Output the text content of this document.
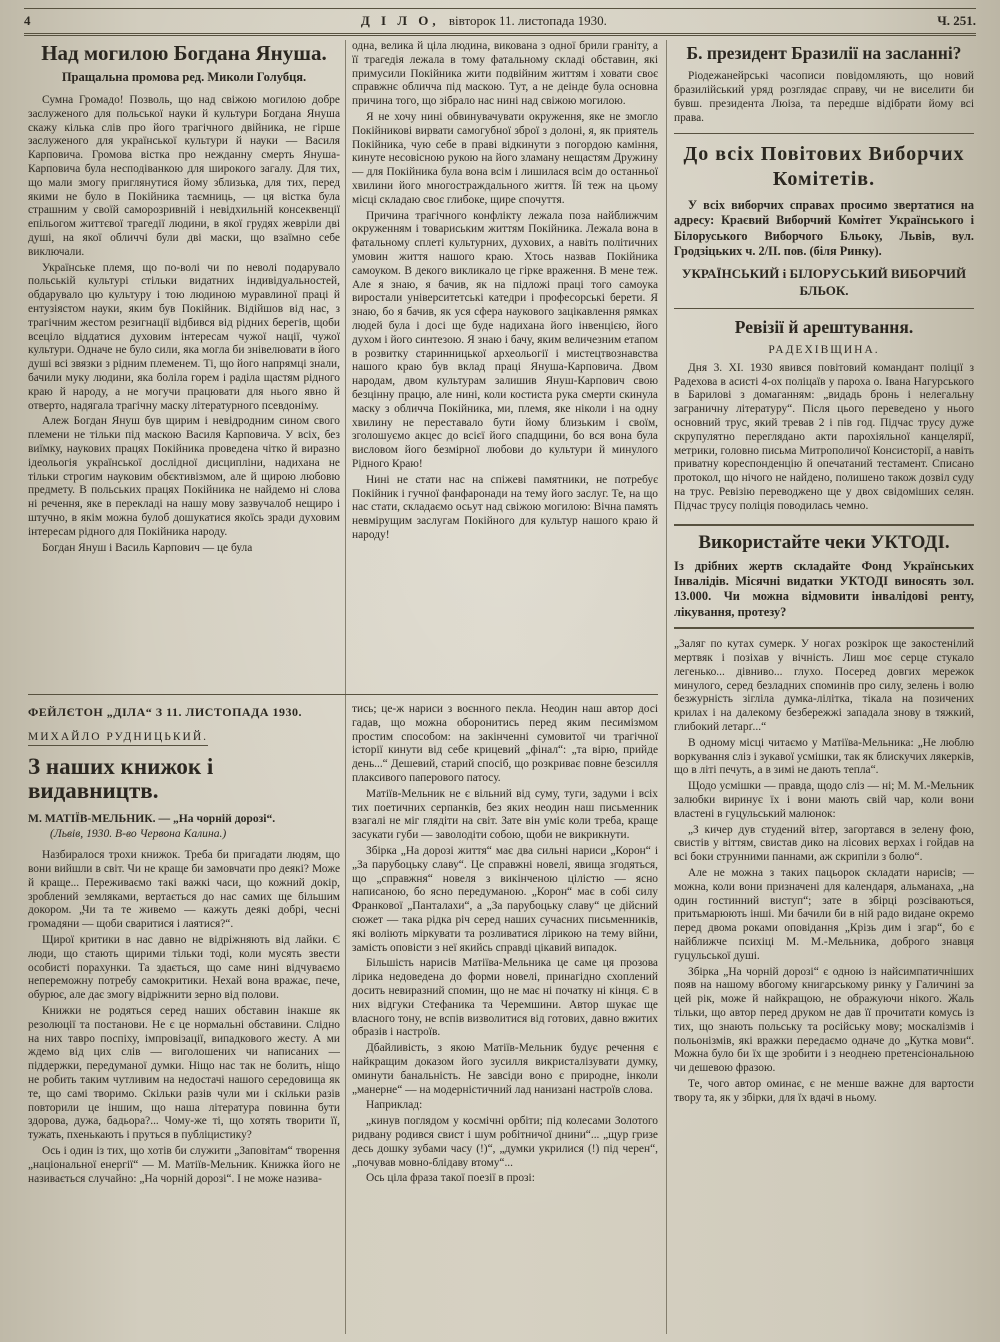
4	Д І Л О, вівторок 11. листопада 1930.	Ч. 251.
Над могилою Богдана Януша.
Пращальна промова ред. Миколи Голубця.

Сумна Громадо! Позволь, що над свіжою могилою добре заслуженого для польської науки й культури Богдана Януша скажу кілька слів про його трагічного двійника, не гірше заслуженого для української культури й науки — Василя Карповича. Громова вістка про нежданну смерть Януша-Карповича була несподіванкою для широкого загалу. Для тих, що мали змогу приглянутися йому зблизька, для тих, перед якими не було в Покійника таємниць, — ця вістка була страшним у своїй саморозривній і невідхильній консеквенції епільогом життєвої трагедії людини, в якої грудях жевріли дві душі, на якої обличчі були дві маски, що взаїмно себе виключали.

Українське племя, що по-волі чи по неволі подарувало польській культурі стільки видатних індивідуальностей, обдарувало цю культуру і тою людиною муравлиної праці й ентузіястом науки, яким був Покійник. Відійшов від нас, з трагічним жестом резигнації відбився від рідних берегів, щоби всеціло віддатися духовим інтересам чужої нації, чужої культури. Одначе не було сили, яка могла би знівелювати в його душі всі звязки з рідним племенем. Ті, що його напрямці знали, бачили муку людини, яка боліла горем і раділа щастям рідного краю й народу, а не могучи працювати для нього явно й отверто, надягала трагічну маску літературного псевдоніму.

Алеж Богдан Януш був щирим і невідродним сином свого племени не тільки під маскою Василя Карповича. У всіх, без виїмку, наукових працях Покійника проведена чітко й виразно ідеольогія української дослідної дисципліни, надихана не тільки строгим науковим обєктивізмом, але й щирою любовю предмету. В польських працях Покійника не найдемо ні слова ні речення, яке в перекладі на нашу мову зазвучалоб нещиро і штучно, в якім можна булоб дошукатися якоїсь зради духовим інтересам рідного для Покійника народу.

Богдан Януш і Василь Карпович — це була

одна, велика й ціла людина, викована з одної брили граніту, а її трагедія лежала в тому фатальному складі обставин, які примусили Покійника жити подвійним життям і ховати своє справжнє обличча під маскою. Тут, а не деінде була основна причина того, що зібрало нас нині над свіжою могилою.

Я не хочу нині обвинувачувати окруження, яке не змогло Покійникові вирвати самогубної зброї з долоні, я, як приятель Покійника, чую себе в праві відкинути з погордою каміння, кинуте несовісною рукою на його зламану нещастям Дружину — для Покійника була вона всім і лишилася всім до останньої хвилини його многостраждального життя. Їй теж на цьому місці складаю своє глибоке, щире спочуття.

Причина трагічного конфлікту лежала поза найближчим окруженням і товариським життям Покійника. Лежала вона в фатальному сплеті культурних, духових, а навіть політичних умовин життя нашого краю. Хтось назвав Покійника самоуком. В декого викликало це гірке враження. В мене теж. Але я знаю, я бачив, як на підложі праці того самоука виростали університетські катедри і професорські берети. Я знаю, бо я бачив, як уся сфера наукового зацікавлення рямках людей була і досі ще буде надихана його інвенцією, його духом і його синтезою. Я знаю і бачу, яким величезним етапом в розвитку старинницької археольогії і мистецтвознавства нашого краю був вклад праці Януша-Карповича. Двом народам, двом культурам залишив Януш-Карпович свою безцінну працю, але нині, коли костиста рука смерти скинула маску з обличча Покійника, ми, племя, яке ніколи і на одну хвилину не переставало бути йому близьким і своїм, зголошуємо акцес до всієї його спадщини, бо вся вона була висловом його безмірної любови до культури й минулого Рідного Краю!

Нині не стати нас на спіжеві памятники, не потребує Покійник і гучної фанфаронади на тему його заслуг. Те, на що нас стати, складаємо осьут над свіжою могилою: Вічна память невмірущим заслугам Покійного для культур нашого краю й народу!

ФЕЙЛЄТОН „ДІЛА“ З 11. ЛИСТОПАДА 1930.
МИХАЙЛО РУДНИЦЬКИЙ.
З наших книжок і видавництв.
М. МАТІЇВ-МЕЛЬНИК. — „На чорній дорозі“.
(Львів, 1930. В-во Червона Калина.)

Назбиралося трохи книжок. Треба би пригадати людям, що вони вийшли в світ. Чи не краще би замовчати про деякі? Може й краще... Переживаємо такі важкі часи, що кожний докір, зроблений земляками, вертається до нас самих ще більшим докором. „Чи та те живемо — кажуть деякі добрі, чесні громадяни — щоби сваритися і лаятися?“.

Щирої критики в нас давно не відріжняють від лайки. Є люди, що стають щирими тільки тоді, коли мусять звести особисті порахунки. Та здається, що саме нині відчуваємо непереможну потребу самокритики. Нехай вона вражає, пече, обурює, але дає змогу відріжнити зерно від полови.

Книжки не родяться серед наших обставин інакше як резолюції та постанови. Не є це нормальні обставини. Слідно на них тавро поспіху, імпровізації, випадкового жесту. А ми ждемо від цих слів — виголошених чи написаних — піддержки, передуманої думки. Ніщо нас так не болить, ніщо не робить таким чутливим на недостачі нашого середовища як те, що самі творимо. Скільки разів чули ми і скільки разів повторили це іншим, що наша література повинна бути здорова, дужа, бадьора?... Чому-же ті, що хотять творити її, тужать, пхенькають і пруться в публіцистику?

Ось і один із тих, що хотів би служити „Заповітам“ творення „національної енергії“ — М. Матіїв-Мельник. Книжка його не називається случайно: „На чорній дорозі“. І не може назива-

тись; це-ж нариси з воєнного пекла. Неодин наш автор досі гадав, що можна оборонитись перед яким песимізмом простим способом: на закінченні сумовитої чи трагічної історії кинути від себе крицевий „фінал“: „та вірю, прийде день...“ Дешевий, старий спосіб, що розкриває повне безсилля плаксивого паперового патосу.

Матіїв-Мельник не є вільний від суму, туги, задуми і всіх тих поетичних серпанків, без яких неодин наш письменник взагалі не міг глядіти на світ. Зате він уміє коли треба, краще засукати губи — заволодіти собою, щоби не викрикнути.

Збірка „На дорозі життя“ має два сильні нариси „Корон“ і „За парубоцьку славу“. Це справжні новелі, явища згодяться, що „справжня“ новеля з викінченою цілістю — ясно написаною, бо ясно передуманою. „Корон“ має в собі силу Франкової „Панталахи“, а „За парубоцьку славу“ це дійсний сюжет — така рідка річ серед наших сучасних письменників, які воліють міркувати та розливатися лірикою на тему війни, замість оповісти з неї якийсь справді цікавий випадок.

Більшість нарисів Матіїва-Мельника це саме ця прозова лірика недоведена до форми новелі, принагідно схоплений досить невиразний спомин, що не має ні початку ні кінця. Є в них відгуки Стефаника та Черемшини. Автор шукає ще власного тону, не вспів визволитися від готових, давно вжитих образів і настроїв.

Дбайливість, з якою Матіїв-Мельник будує речення є найкращим доказом його зусилля викристалізувати думку, оминути банальність. Не завсіди воно є природне, інколи „манерне“ — на модерністичний лад нанизані настроїв слова.

Наприклад:

„кинув поглядом у космічні орбіти; під колесами Золотого ридвану родився свист і шум робітничої днини“... „щур гризе десь дошку зубами часу (!)“, „думки укрилися (!) під черен“, „почував мовно-блідаву втому“...

Ось ціла фраза такої поезії в прозі:

Б. президент Бразилії на засланні?

Ріодежанейрські часописи повідомляють, що новий бразилійський уряд розглядає справу, чи не виселити би бувш. президента Люіза, та передше відібрати йому всі права.

До всіх Повітових Виборчих Комітетів.

У всіх виборчих справах просимо звертатися на адресу: Краєвий Виборчий Комітет Українського і Білоруського Виборчого Бльоку, Львів, вул. Гродзіцьких ч. 2/ІІ. пов. (біля Ринку).

УКРАЇНСЬКИЙ і БІЛОРУСЬКИЙ ВИБОРЧИЙ БЛЬОК.

Ревізії й арештування.
РАДЕХІВЩИНА.

Дня 3. XI. 1930 явився повітовий командант поліції з Радехова в асисті 4-ох поліцаїв у пароха о. Івана Нагурського в Барилові з домаганням: „видадь бронь і нелегальну заграничну літературу“. Після цього переведено у нього основний трус, який тревав 2 і пів год. Підчас трусу дуже скрупулятно переглядано акти парохіяльної канцелярії, метрики, головно письма Митрополичої Консисторії, а навіть приватну кореспонденцію й опечатаний тестамент. Списано протокол, що нічого не найдено, полишено також дозвіл суду на трус. Ревізію переводжено ще у двох свідоміших селян. Підчас трусу поліція поводилась чемно.

Використайте чеки УКТОДІ.

Із дрібних жертв складайте Фонд Українських Інвалідів. Місячні видатки УКТОДІ виносять зол. 13.000. Чи можна відмовити інвалідові ренту, лікування, протезу?

„Заляг по кутах сумерк. У ногах розкірок ще закостенілий мертвяк і позіхав у вічність. Лиш моє серце стукало легенько... дівниво... глухо. Посеред довгих мережок минулого, серед безладних споминів про силу, зелень і волю безжурність зігліла думка-лілітка, тікала на позичених крилах і на далекому безбережжі западала знову в тяжкий, глибокий летарґ...“

В одному місці читаємо у Матіїва-Мельника: „Не люблю воркування сліз і зукавої усмішки, так як блискучих лякерків, що в літі печуть, а в зимі не дають тепла“.

Щодо усмішки — правда, щодо сліз — ні; М. М.-Мельник залюбки виринує їх і вони мають свій чар, коли вони властені в гуцульський малюнок:

„З кичер дув студений вітер, загортався в зелену фою, свистів у віттям, свистав дико на лісових верхах і гойдав на всі боки струнними паннами, аж скрипіли з болю“.

Але не можна з таких пацьорок складати нарисів; — можна, коли вони призначені для календаря, альманаха, „на один гостинний виступ“; зате в збірці розсіваються, притьмарюють інші. Ми бачили би в ній радо видане окремо перед двома роками оповідання „Крізь дим і згар“, бо є найближче психіці М. М.-Мельника, доброго знавця гуцульської душі.

Збірка „На чорній дорозі“ є одною із найсимпатичніших появ на нашому вбогому книгарському ринку у Галичині за цей рік, може й найкращою, не ображуючи нікого. Жаль тільки, що автор перед друком не дав її прочитати комусь із тих, що знають польську та російську мову; москалізмів і польонізмів, які вражки передаємо одначе до „Кутка мови“. Можна було би їх ще зробити і з неоднею претенсіональною чи дешевою фразою.

Те, чого автор оминає, є не менше важне для вартости твору та, як у збірки, для їх вдачі в ньому.
